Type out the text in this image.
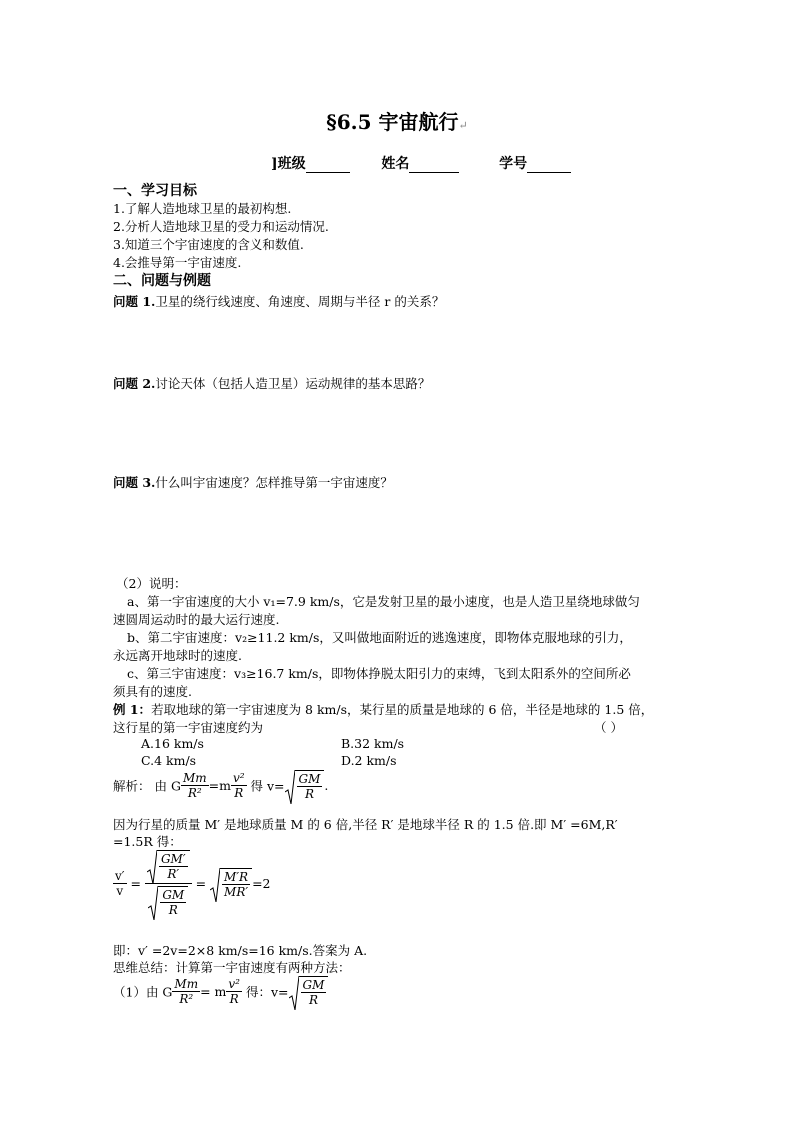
§6.5 宇宙航行↵
]班级	姓名	学号
一、学习目标
1.了解人造地球卫星的最初构想.
2.分析人造地球卫星的受力和运动情况.
3.知道三个宇宙速度的含义和数值.
4.会推导第一宇宙速度.
二、问题与例题
问题 1.卫星的绕行线速度、角速度、周期与半径 r 的关系？
问题 2.讨论天体（包括人造卫星）运动规律的基本思路？
问题 3.什么叫宇宙速度？怎样推导第一宇宙速度？
（2）说明：
a、第一宇宙速度的大小 v₁=7.9 km/s，它是发射卫星的最小速度，也是人造卫星绕地球做匀
速圆周运动时的最大运行速度.
b、第二宇宙速度：v₂≥11.2 km/s，又叫做地面附近的逃逸速度，即物体克服地球的引力，
永远离开地球时的速度.
c、第三宇宙速度：v₃≥16.7 km/s，即物体挣脱太阳引力的束缚，飞到太阳系外的空间所必
须具有的速度.
例 1：若取地球的第一宇宙速度为 8 km/s，某行星的质量是地球的 6 倍，半径是地球的 1.5 倍，
这行星的第一宇宙速度约为	（ ）
A.16 km/s	B.32 km/s
C.4 km/s	D.2 km/s
解析： 由 G $\frac{Mm}{\text{R²}} =m \frac{\text{v²}}{R}$ 得 $v= \frac{GM}{R}$ .
因为行星的质量 M′ 是地球质量 M 的 6 倍,半径 R′ 是地球半径 R 的 1.5 倍.即 M′ =6M,R′
=1.5R 得：
$\frac{v'}{v} = \frac{\frac{GM'}{R'}}{\frac{GM}{R}} = \frac{M'R}{MR'} =2$
即：v′ =2v=2×8 km/s=16 km/s.答案为 A.
思维总结：计算第一宇宙速度有两种方法：
（1）由 G $\frac{Mm}{\text{R²}} = m \frac{\text{v²}}{R}$ 得：$v= \frac{GM}{R}$
